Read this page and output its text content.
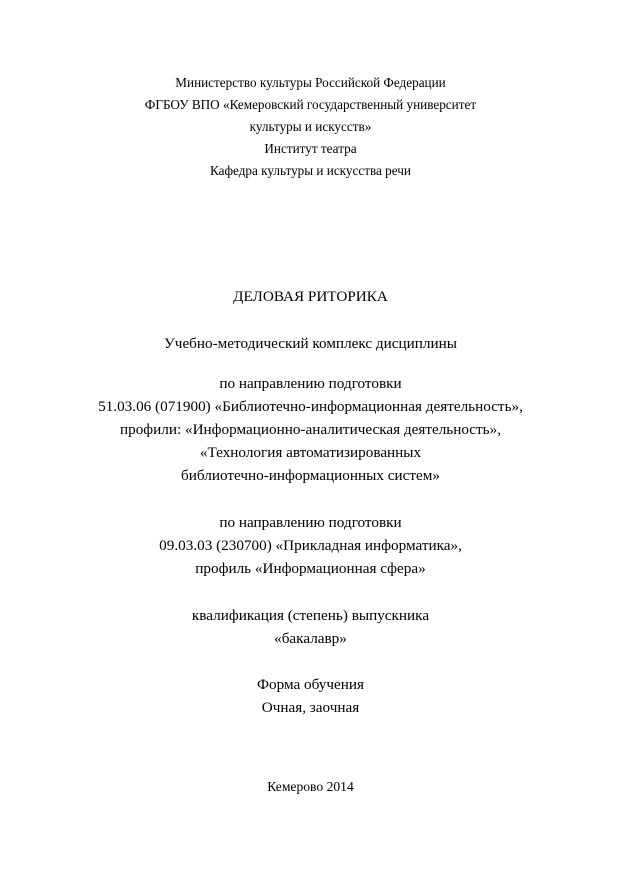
Министерство культуры Российской Федерации
ФГБОУ ВПО «Кемеровский государственный университет
культуры и искусств»
Институт театра
Кафедра культуры и искусства речи
ДЕЛОВАЯ РИТОРИКА
Учебно-методический комплекс дисциплины
по направлению подготовки
51.03.06 (071900) «Библиотечно-информационная деятельность»,
профили: «Информационно-аналитическая деятельность»,
«Технология автоматизированных
библиотечно-информационных систем»
по направлению подготовки
09.03.03 (230700) «Прикладная информатика»,
профиль «Информационная сфера»
квалификация (степень) выпускника
«бакалавр»
Форма обучения
Очная, заочная
Кемерово 2014
